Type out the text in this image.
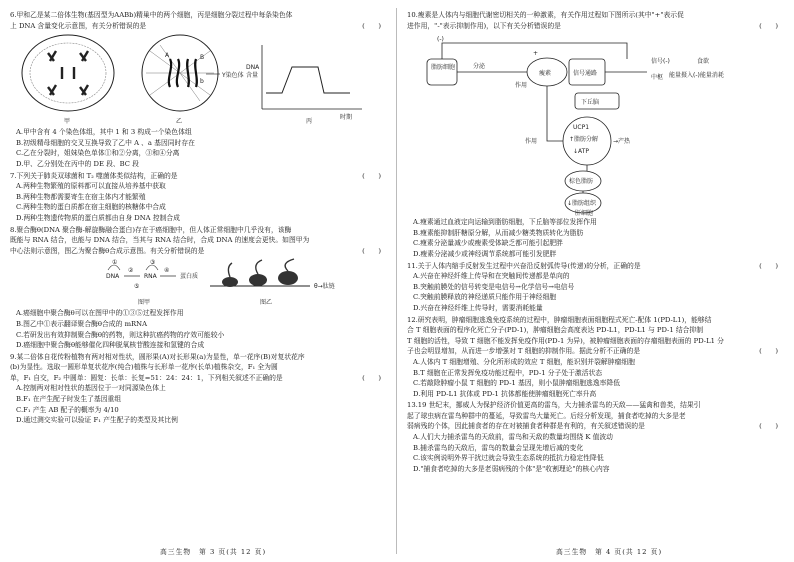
6.甲和乙是某二倍体生物(基因型为AABb)精巢中的两个细胞，丙是细胞分裂过程中每条染色体
上 DNA 含量变化示意图，有关分析错误的是	(　　)
A
b
B
Y染色体
DNA
含量
时期
甲	乙	丙
A.甲中含有 4 个染色体组，其中 1 和 3 构成一个染色体组
B.初级精母细胞的交叉互换导致了乙中 A 、a 基因同时存在
C.乙在分裂时，姐妹染色单体①和②分离，③和④分离
D.甲、乙分别处在丙中的 DE 段、BC 段
7.下列关于肺炎双球菌和 T₂ 噬菌体类似结构，正确的是	(　　)
A.两种生物繁殖的原料都可以直接从培养基中获取
B.两种生物都需要寄生在宿主体内才能繁殖
C.两种生物的蛋白质都在宿主细胞的核糖体中合成
D.两种生物遗传物质的蛋白质都由自身 DNA 控制合成
8.聚合酶θ(DNA 聚合酶-解旋酶融合蛋白)存在于癌细胞中，但人体正常细胞中几乎没有，该酶
既能与 RNA 结合，也能与 DNA 结合，当其与 RNA 结合时，合成 DNA 的速度会更快。如图甲为
中心法则示意图，图乙为聚合酶θ合成示意图。有关分析错误的是	(　　)
DNA	RNA	蛋白质
①
②
③
④
⑤
图甲
θ→肽链
图乙
A.癌细胞中聚合酶θ可以在图甲中的①③⑤过程发挥作用
B.图乙中①表示翻译聚合酶θ合成的 mRNA
C.若研发出有效抑制聚合酶θ的药物，则这种抗癌药物的疗效可能较小
D.癌细胞中聚合酶θ能够催化四种脱氧核苷酸连接和氢键的合成
9.某二倍体自花传粉植物有两对相对性状，圆形果(A)对长形果(a)为显性，单一花序(B)对复状花序
(b)为显性。选取一圆形单复状花序(纯合)植株与长形单一花序(长单)植株杂交，F₁ 全为圆
单，F₁ 自交，F₂ 中圆单：圆复：长单：长复=51：24：24：1，下列相关叙述不正确的是	(　　)
A.控制两对相对性状的基因位于一对同源染色体上
B.F₁ 在产生配子时发生了基因重组
C.F₁ 产生 AB 配子的概率为 4/10
D.通过测交实验可以验证 F₁ 产生配子的类型及其比例
高三生物　第 3 页(共 12 页)
10.瘦素是人体内与细胞代谢密切相关的一种激素，有关作用过程如下图所示(其中"+"表示促
进作用，"-"表示抑制作用)，以下有关分析错误的是	(　　)
脂肪细胞	分泌
瘦素
作用
作用
信号通路
下丘脑
中枢
信号(-)	食欲
能量摄入(-)能量消耗
UCP1
↑脂肪分解
↓ATP
棕色脂肪
↓脂肪组织
→产热
+
(-)
肝细胞
A.瘦素通过血液定向运输到脂肪细胞，下丘脑等部位发挥作用
B.瘦素能抑制肝糖原分解，从而减少糖类物质转化为脂肪
C.瘦素分泌量减少或瘦素受体缺乏都可能引起肥胖
D.瘦素分泌减少或神经调节系统都可能引发肥胖
11.关于人体内缩手反射发生过程中兴奋沿反射弧传导(传递)的分析，正确的是	(　　)
A.兴奋在神经纤维上传导和在突触间传递都是单向的
B.突触前膜处的信号转变是电信号→化学信号→电信号
C.突触前膜释放的神经递质只能作用于神经细胞
D.兴奋在神经纤维上传导时，需要消耗能量
12.研究表明，肿瘤细胞逃逸免疫系统的过程中，肿瘤细胞表面细胞程式死亡-配体 1(PD-L1)，能够结
合 T 细胞表面的程序化死亡分子(PD-1)，肿瘤细胞会高度表达 PD-L1，PD-L1 与 PD-1 结合抑制
T 细胞的活性，导致 T 细胞不能发挥免疫作用(PD-1 为异)，被肿瘤细胞表面的存瘤细胞表面的 PD-L1 分
子也会明显增加，从而进一步增强对 T 细胞的抑制作用。据此分析不正确的是	(　　)
A.人体内 T 细胞增殖、分化所形成的效应 T 细胞，能识别并裂解肿瘤细胞
B.T 细胞在正常发挥免疫功能过程中，PD-1 分子处于激活状态
C.若敲除肿瘤小鼠 T 细胞的 PD-1 基因，则小鼠肿瘤细胞逃逸率降低
D.利用 PD-L1 抗体或 PD-1 抗体都能使肿瘤细胞死亡率升高
13.19 世纪末，挪威人为保护经济价值更高的雷鸟，大力捕杀雷鸟的天敌——猛禽和兽类，结果引
起了球虫病在雷鸟种群中的蔓延，导致雷鸟大量死亡。后经分析发现，捕食者吃掉的大多是老
弱病残的个体，因此捕食者的存在对被捕食者种群是有利的，有关叙述错误的是	(　　)
A.人们大力捕杀雷鸟的天敌前，雷鸟和天敌的数量均围绕 K 值波动
B.捕杀雷鸟的天敌后，雷鸟的数量会呈现先增后减的变化
C.该实例说明外界干扰过就会导致生态系统的抵抗力稳定性降低
D."捕食者吃掉的大多是老弱病残的个体"是"收割理论"的核心内容
高三生物　第 4 页(共 12 页)
